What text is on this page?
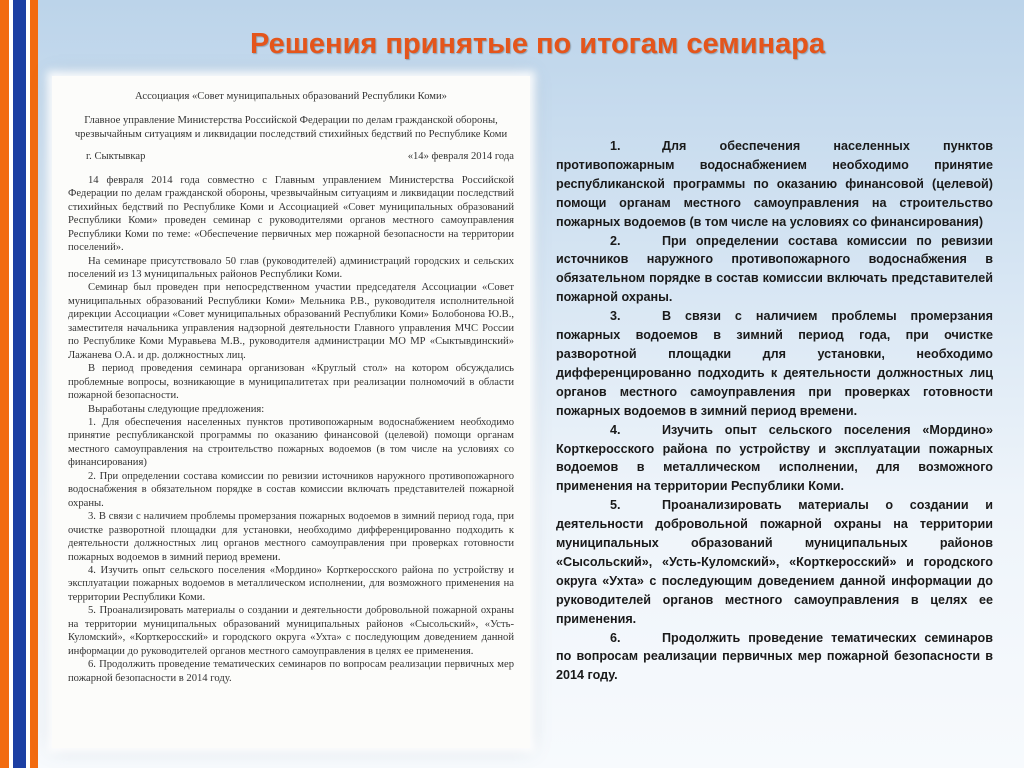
Решения принятые по итогам семинара
Ассоциация «Совет муниципальных образований Республики Коми»
Главное управление Министерства Российской Федерации по делам гражданской обороны, чрезвычайным ситуациям и ликвидации последствий стихийных бедствий по Республике Коми
г. Сыктывкар	«14» февраля 2014 года

14 февраля 2014 года совместно с Главным управлением Министерства Российской Федерации по делам гражданской обороны, чрезвычайным ситуациям и ликвидации последствий стихийных бедствий по Республике Коми и Ассоциацией «Совет муниципальных образований Республики Коми» проведен семинар с руководителями органов местного самоуправления Республики Коми по теме: «Обеспечение первичных мер пожарной безопасности на территории поселений».

На семинаре присутствовало 50 глав (руководителей) администраций городских и сельских поселений из 13 муниципальных районов Республики Коми.

Семинар был проведен при непосредственном участии председателя Ассоциации «Совет муниципальных образований Республики Коми» Мельника Р.В., руководителя исполнительной дирекции Ассоциации «Совет муниципальных образований Республики Коми» Болобонова Ю.В., заместителя начальника управления надзорной деятельности Главного управления МЧС России по Республике Коми Муравьева М.В., руководителя администрации МО МР «Сыктывдинский» Лажанева О.А. и др. должностных лиц.

В период проведения семинара организован «Круглый стол» на котором обсуждались проблемные вопросы, возникающие в муниципалитетах при реализации полномочий в области пожарной безопасности.

Выработаны следующие предложения:

1. Для обеспечения населенных пунктов противопожарным водоснабжением необходимо принятие республиканской программы по оказанию финансовой (целевой) помощи органам местного самоуправления на строительство пожарных водоемов (в том числе на условиях со финансирования)

2. При определении состава комиссии по ревизии источников наружного противопожарного водоснабжения в обязательном порядке в состав комиссии включать представителей пожарной охраны.

3. В связи с наличием проблемы промерзания пожарных водоемов в зимний период года, при очистке разворотной площадки для установки, необходимо дифференцированно подходить к деятельности должностных лиц органов местного самоуправления при проверках готовности пожарных водоемов в зимний период времени.

4. Изучить опыт сельского поселения «Мордино» Корткеросского района по устройству и эксплуатации пожарных водоемов в металлическом исполнении, для возможного применения на территории Республики Коми.

5. Проанализировать материалы о создании и деятельности добровольной пожарной охраны на территории муниципальных образований муниципальных районов «Сысольский», «Усть-Куломский», «Корткеросский» и городского округа «Ухта» с последующим доведением данной информации до руководителей органов местного самоуправления в целях ее применения.

6. Продолжить проведение тематических семинаров по вопросам реализации первичных мер пожарной безопасности в 2014 году.

1.	Для обеспечения населенных пунктов противопожарным водоснабжением необходимо принятие республиканской программы по оказанию финансовой (целевой) помощи органам местного самоуправления на строительство пожарных водоемов (в том числе на условиях со финансирования)

2.	При определении состава комиссии по ревизии источников наружного противопожарного водоснабжения в обязательном порядке в состав комиссии включать представителей пожарной охраны.

3.	В связи с наличием проблемы промерзания пожарных водоемов в зимний период года, при очистке разворотной площадки для установки, необходимо дифференцированно подходить к деятельности должностных лиц органов местного самоуправления при проверках готовности пожарных водоемов в зимний период времени.

4.	Изучить опыт сельского поселения «Мордино» Корткеросского района по устройству и эксплуатации пожарных водоемов в металлическом исполнении, для возможного применения на территории Республики Коми.

5.	Проанализировать материалы о создании и деятельности добровольной пожарной охраны на территории муниципальных образований муниципальных районов «Сысольский», «Усть-Куломский», «Корткеросский» и городского округа «Ухта» с последующим доведением данной информации до руководителей органов местного самоуправления в целях ее применения.

6.	Продолжить проведение тематических семинаров по вопросам реализации первичных мер пожарной безопасности в 2014 году.
